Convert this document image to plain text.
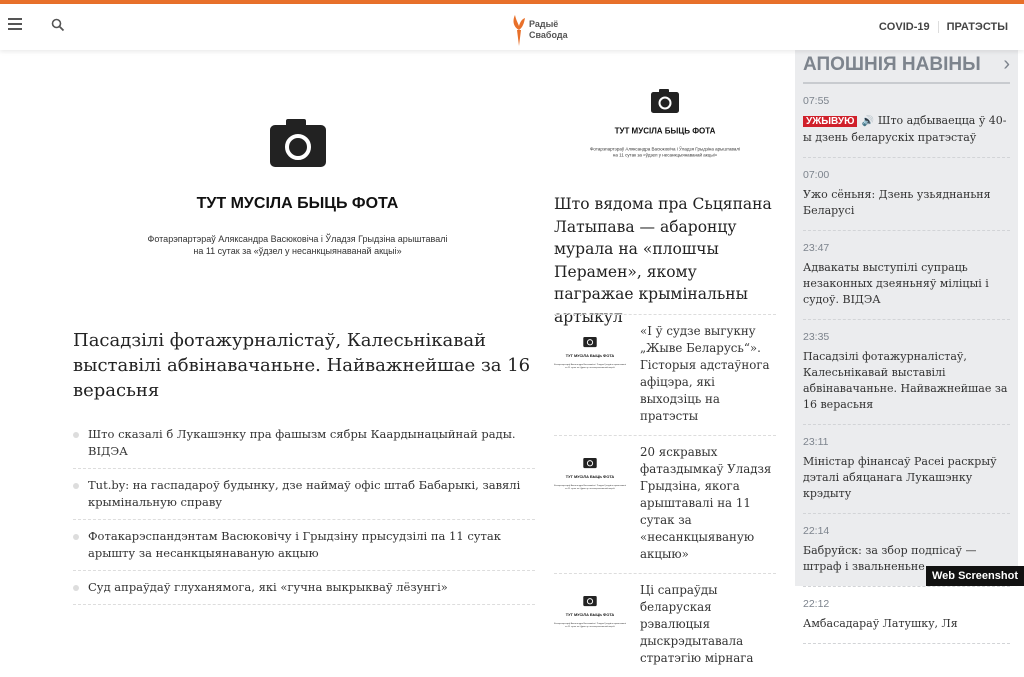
Радыё Свабода
COVID-19	ПРАТЭСТЫ
ТУТ МУСІЛА БЫЦЬ ФОТА
Фотарэпартэраў Аляксандра Васюковіча і Ўладзя Грыдзіна арыштавалі на 11 сутак за «ўдзел у несанкцыянаванай акцыі»
Пасадзілі фотажурналістаў, Калесьнікавай выставілі абвінавачаньне. Найважнейшае за 16 верасьня
Што сказалі б Лукашэнку пра фашызм сябры Каардынацыйнай рады. ВІДЭА
Tut.by: на гаспадароў будынку, дзе наймаў офіс штаб Бабарыкі, завялі крымінальную справу
Фотакарэспандэнтам Васюковічу і Грыдзіну прысудзілі па 11 сутак арышту за несанкцыянаваную акцыю
Суд апраўдаў глуханямога, які «гучна выкрыкваў лёзунгі»
ТУТ МУСІЛА БЫЦЬ ФОТА
Фотарэпартэраў Аляксандра Васюковіча і Ўладзя Грыдзіна арыштавалі на 11 сутак за «ўдзел у несанкцыянаванай акцыі»
Што вядома пра Сьцяпана Латыпава — абаронцу мурала на «плошчы Перамен», якому пагражае крымінальны артыкул
ТУТ МУСІЛА БЫЦЬ ФОТА
Фотарэпартэраў Аляксандра Васюковіча і Ўладзя Грыдзіна арыштавалі на 11 сутак за «ўдзел у несанкцыянаванай акцыі»
«І ў судзе выгукну „Жыве Беларусь“». Гісторыя адстаўнога афіцэра, які выходзіць на пратэсты
ТУТ МУСІЛА БЫЦЬ ФОТА
Фотарэпартэраў Аляксандра Васюковіча і Ўладзя Грыдзіна арыштавалі на 11 сутак за «ўдзел у несанкцыянаванай акцыі»
20 яскравых фатаздымкаў Уладзя Грыдзіна, якога арыштавалі на 11 сутак за «несанкцыяваную акцыю»
ТУТ МУСІЛА БЫЦЬ ФОТА
Фотарэпартэраў Аляксандра Васюковіча і Ўладзя Грыдзіна арыштавалі на 11 сутак за «ўдзел у несанкцыянаванай акцыі»
Ці сапраўды беларуская рэвалюцыя дыскрэдытавала стратэгію мірнага
АПОШНІЯ НАВІНЫ ›
07:55
УЖЫВУЮ 🔊 Што адбываецца ў 40-ы дзень беларускіх пратэстаў
07:00
Ужо сёньня: Дзень узьяднаньня Беларусі
23:47
Адвакаты выступілі супраць незаконных дзеяньняў міліцыі і судоў. ВІДЭА
23:35
Пасадзілі фотажурналістаў, Калесьнікавай выставілі абвінавачаньне. Найважнейшае за 16 верасьня
23:11
Міністар фінансаў Расеі раскрыў дэталі абяцанага Лукашэнку крэдыту
22:14
Бабруйск: за збор подпісаў — штраф і звальненьне
22:12
Амбасадараў Латушку, Ля
Web Screenshot
